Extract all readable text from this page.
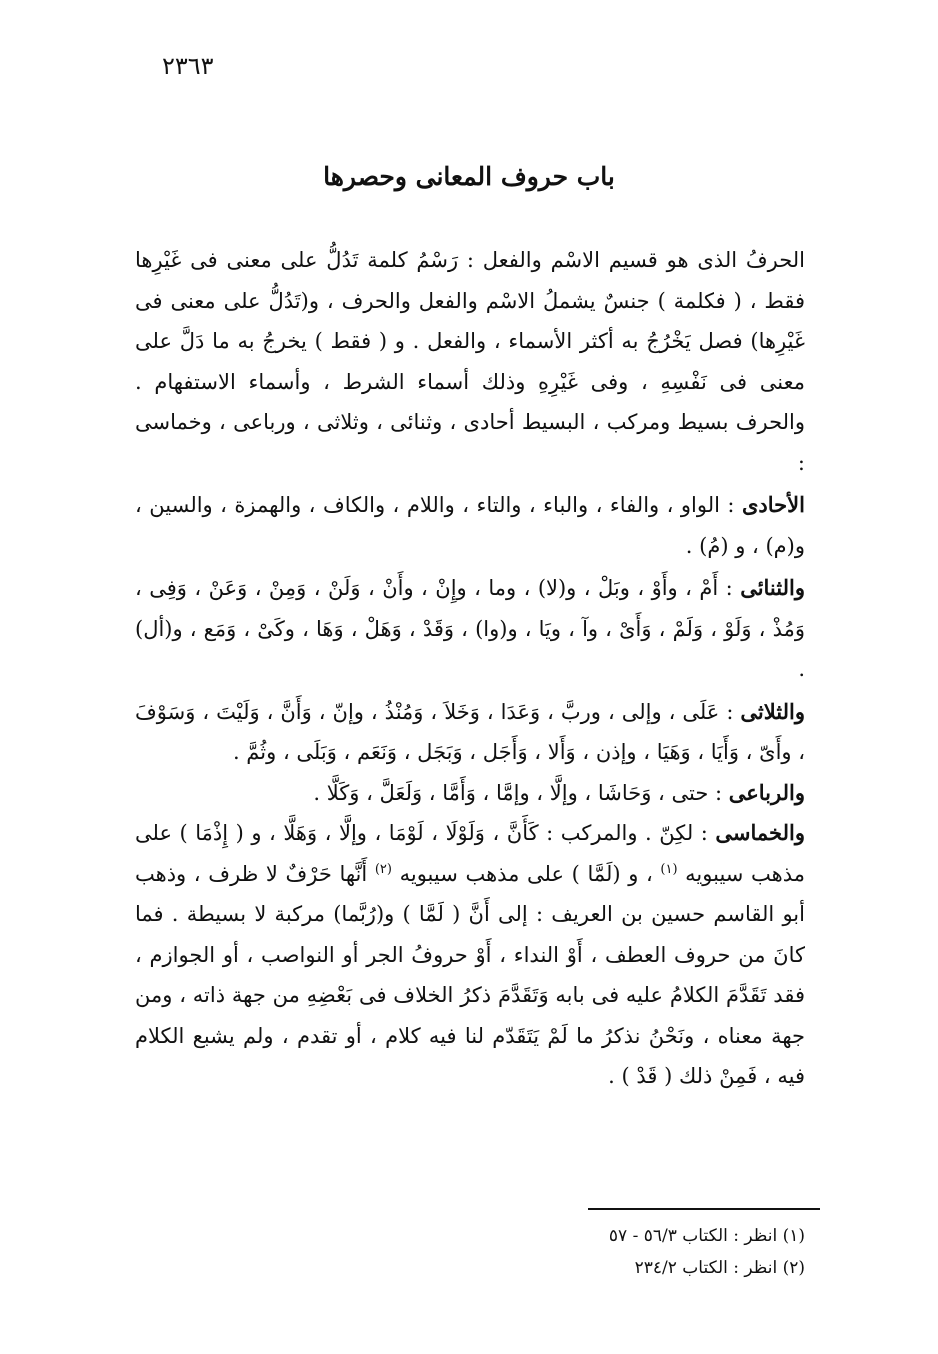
٢٣٦٣
باب حروف المعانى وحصرها

الحرفُ الذى هو قسيم الاسْم والفعل : رَسْمُ كلمة تَدُلُّ على معنى فى غَيْرِها فقط ، ( فكلمة ) جنسٌ يشملُ الاسْم والفعل والحرف ، و(تَدُلُّ على معنى فى غَيْرِها) فصل يَخْرُجُ به أكثر الأسماء ، والفعل . و ( فقط ) يخرجُ به ما دَلَّ على معنى فى نَفْسِهِ ، وفى غَيْرِهِ وذلك أسماء الشرط ، وأسماء الاستفهام . والحرف بسيط ومركب ، البسيط أحادى ، وثنائى ، وثلاثى ، ورباعى ، وخماسى :

الأحادى : الواو ، والفاء ، والباء ، والتاء ، واللام ، والكاف ، والهمزة ، والسين ، و(م) ، و (مُ) .

والثنائى : أَمْ ، وأَوْ ، وبَلْ ، و(لا) ، وما ، وإِنْ ، وأَنْ ، وَلَنْ ، وَمِنْ ، وَعَنْ ، وَفِى ، وَمُذْ ، وَلَوْ ، وَلَمْ ، وَأَىْ ، وآ ، ويَا ، و(وا) ، وَقَدْ ، وَهَلْ ، وَهَا ، وكَىْ ، وَمَع ، و(أل) .

والثلاثى : عَلَى ، وإلى ، وربَّ ، وَعَدَا ، وَخَلاَ ، وَمُنْذُ ، وإنّ ، وَأَنَّ ، وَلَيْتَ ، وَسَوْفَ ، وأَىّ ، وَأَيَا ، وَهَيَا ، وإذن ، وَأَلا ، وَأَجَل ، وَبَجَل ، وَنَعَم ، وَبَلَى ، وثُمَّ .

والرباعى : حتى ، وَحَاشَا ، وإلَّا ، وإمَّا ، وَأَمَّا ، وَلَعَلَّ ، وَكَلَّا .

والخماسى : لكِنّ . والمركب : كَأَنَّ ، وَلَوْلَا ، لَوْمَا ، وإلَّا ، وَهَلَّا ، و ( إِذْمَا ) على مذهب سيبويه $^{(١)}$ ، و (لَمَّا ) على مذهب سيبويه $^{(٢)}$ أَنَّها حَرْفٌ لا ظرف ، وذهب أبو القاسم حسين بن العريف : إلى أَنَّ ( لَمَّا ) و(رُبَّما) مركبة لا بسيطة . فما كانَ من حروف العطف ، أَوْ النداء ، أَوْ حروفُ الجر أو النواصب ، أو الجوازم ، فقد تَقَدَّمَ الكلامُ عليه فى بابه وَتَقَدَّمَ ذكرُ الخلاف فى بَعْضِهِ من جهة ذاته ، ومن جهة معناه ، ونَحْنُ نذكرُ ما لَمْ يَتَقَدّم لنا فيه كلام ، أو تقدم ، ولم يشبع الكلام فيه ، فَمِنْ ذلك ( قَدْ ) .

(١) انظر : الكتاب ٥٦/٣ - ٥٧

(٢) انظر : الكتاب ٢٣٤/٢
